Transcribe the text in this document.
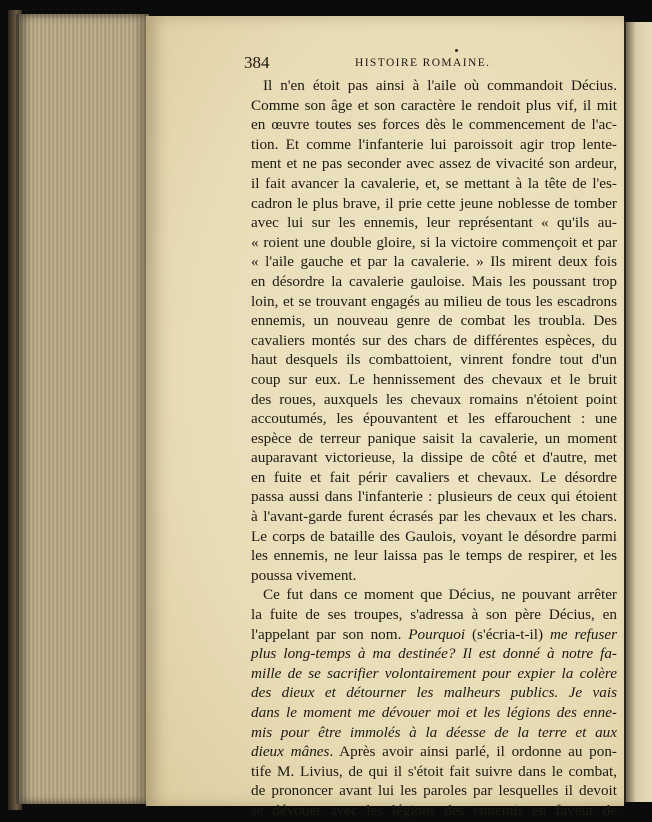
384	HISTOIRE ROMAINE.
Il n'en étoit pas ainsi à l'aile où commandoit Décius.
Comme son âge et son caractère le rendoit plus vif, il mit
en œuvre toutes ses forces dès le commencement de l'ac-
tion. Et comme l'infanterie lui paroissoit agir trop lente-
ment et ne pas seconder avec assez de vivacité son ardeur,
il fait avancer la cavalerie, et, se mettant à la tête de l'es-
cadron le plus brave, il prie cette jeune noblesse de tomber
avec lui sur les ennemis, leur représentant « qu'ils au-
« roient une double gloire, si la victoire commençoit et par
« l'aile gauche et par la cavalerie. » Ils mirent deux fois
en désordre la cavalerie gauloise. Mais les poussant trop
loin, et se trouvant engagés au milieu de tous les escadrons
ennemis, un nouveau genre de combat les troubla. Des
cavaliers montés sur des chars de différentes espèces, du
haut desquels ils combattoient, vinrent fondre tout d'un
coup sur eux. Le hennissement des chevaux et le bruit
des roues, auxquels les chevaux romains n'étoient point
accoutumés, les épouvantent et les effarouchent : une
espèce de terreur panique saisit la cavalerie, un moment
auparavant victorieuse, la dissipe de côté et d'autre, met
en fuite et fait périr cavaliers et chevaux. Le désordre
passa aussi dans l'infanterie : plusieurs de ceux qui étoient
à l'avant-garde furent écrasés par les chevaux et les chars.
Le corps de bataille des Gaulois, voyant le désordre parmi
les ennemis, ne leur laissa pas le temps de respirer, et les
poussa vivement.
Ce fut dans ce moment que Décius, ne pouvant arrêter
la fuite de ses troupes, s'adressa à son père Décius, en
l'appelant par son nom. Pourquoi (s'écria-t-il) me refuser
plus long-temps à ma destinée? Il est donné à notre fa-
mille de se sacrifier volontairement pour expier la colère
des dieux et détourner les malheurs publics. Je vais
dans le moment me dévouer moi et les légions des enne-
mis pour être immolés à la déesse de la terre et aux
dieux mânes. Après avoir ainsi parlé, il ordonne au pon-
tife M. Livius, de qui il s'étoit fait suivre dans le combat,
de prononcer avant lui les paroles par lesquelles il devoit
se dévouer avec les légions des ennemis en faveur de
